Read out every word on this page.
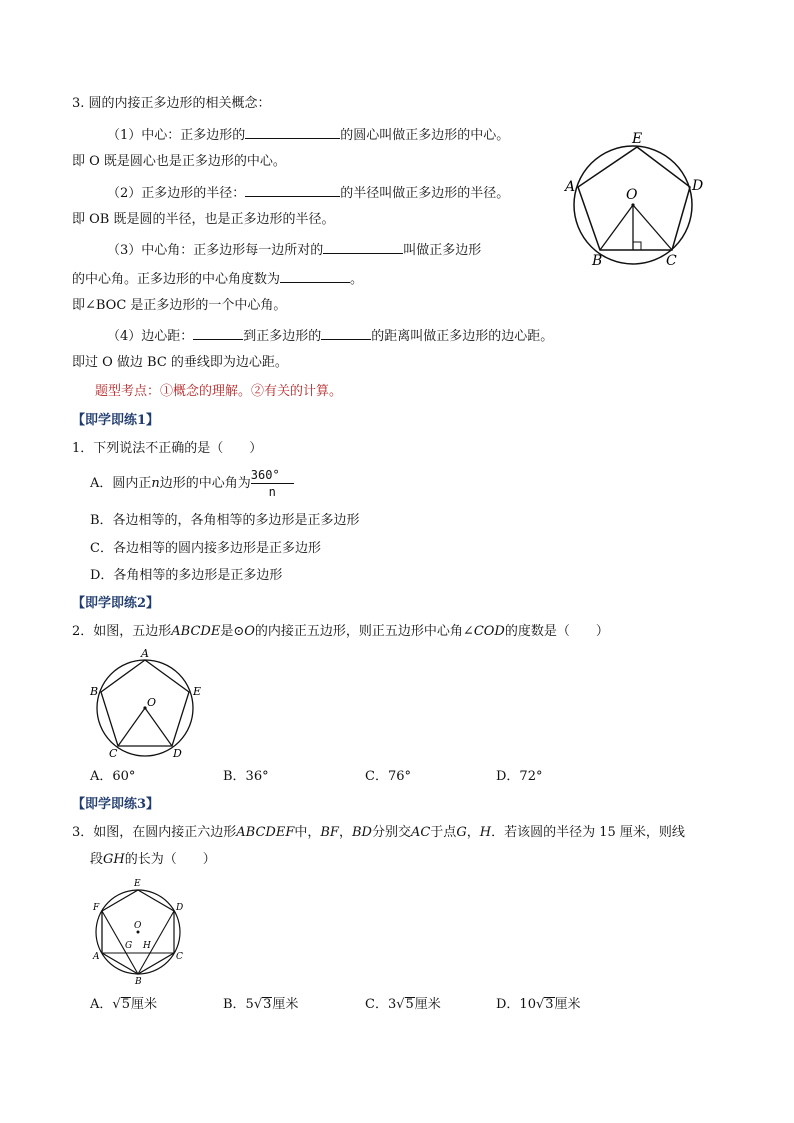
3. 圆的内接正多边形的相关概念：
（1）中心：正多边形的	的圆心叫做正多边形的中心。
即 O 既是圆心也是正多边形的中心。
（2）正多边形的半径：	的半径叫做正多边形的半径。
即 OB 既是圆的半径，也是正多边形的半径。
（3）中心角：正多边形每一边所对的	叫做正多边形
的中心角。正多边形的中心角度数为	。
即∠BOC 是正多边形的一个中心角。
（4）边心距：	到正多边形的	的距离叫做正多边形的边心距。
即过 O 做边 BC 的垂线即为边心距。
题型考点：①概念的理解。②有关的计算。
E
A	O
D
B	C
【即学即练1】
1．下列说法不正确的是（　　）
A．圆内正n边形的中心角为 $\frac{360^\circ}{n}$
B．各边相等的，各角相等的多边形是正多边形
C．各边相等的圆内接多边形是正多边形
D．各角相等的多边形是正多边形
【即学即练2】
2．如图，五边形ABCDE是⊙O的内接正五边形，则正五边形中心角∠COD的度数是（　　）
A
B	E
O
C	D
A．60°	B．36°	C．76°	D．72°
【即学即练3】
3．如图，在圆内接正六边形ABCDEF中，BF，BD分别交AC于点G，H．若该圆的半径为 15 厘米，则线
段GH的长为（　　）
E
F	D
O
G H
A	C
B
A．√5厘米	B．5√3厘米	C．3√5厘米	D．10√3厘米
